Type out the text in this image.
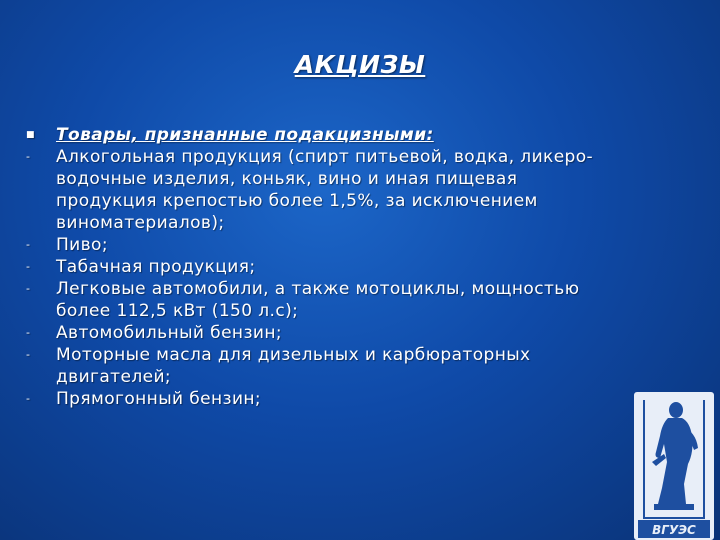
АКЦИЗЫ
■	Товары, признанные подакцизными:
-	Алкогольная продукция (спирт питьевой, водка, ликеро- водочные изделия, коньяк, вино и иная пищевая продукция крепостью более 1,5%, за исключением виноматериалов);
-	Пиво;
-	Табачная продукция;
-	Легковые автомобили, а также мотоциклы, мощностью более 112,5 кВт (150 л.с);
-	Автомобильный бензин;
-	Моторные масла для дизельных и карбюраторных двигателей;
-	Прямогонный бензин;
ВГУЭС
